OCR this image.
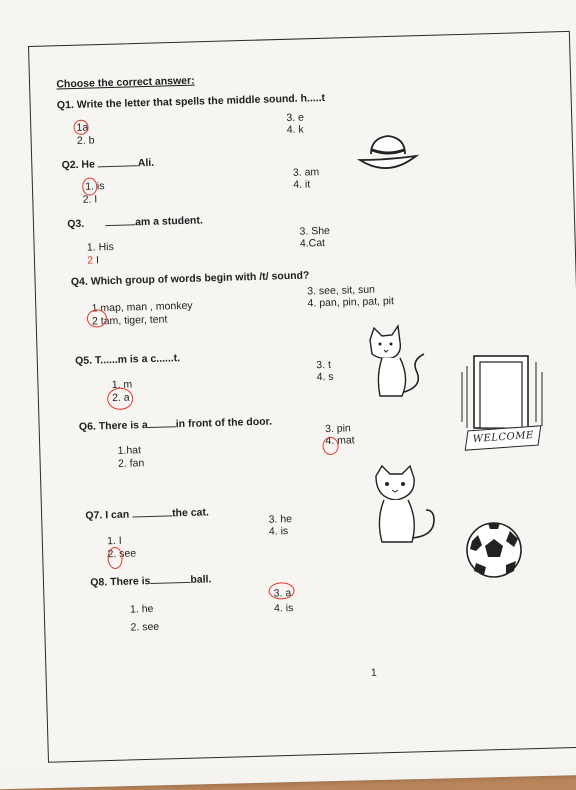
Choose the correct answer:
Q1. Write the letter that spells the middle sound. h.....t
1a
2. b
3. e
4. k
Q2. He	Ali.
1. is
2. I
3. am
4. it
Q3.	am a student.
1. His
2 I
3. She
4.Cat
Q4. Which group of words begin with /t/ sound?
1 map, man , monkey
2 tam, tiger, tent
3. see, sit, sun
4. pan, pin, pat, pit
Q5. T......m is a c......t.
1. m
2. a
3. t
4. s
Q6. There is a	in front of the door.
1.hat
2. fan
3. pin
4. mat
Q7. I can	the cat.
1. I
2. see
3. he
4. is
Q8. There is	ball.
1. he
2. see
3. a
4. is
1
WELCOME
